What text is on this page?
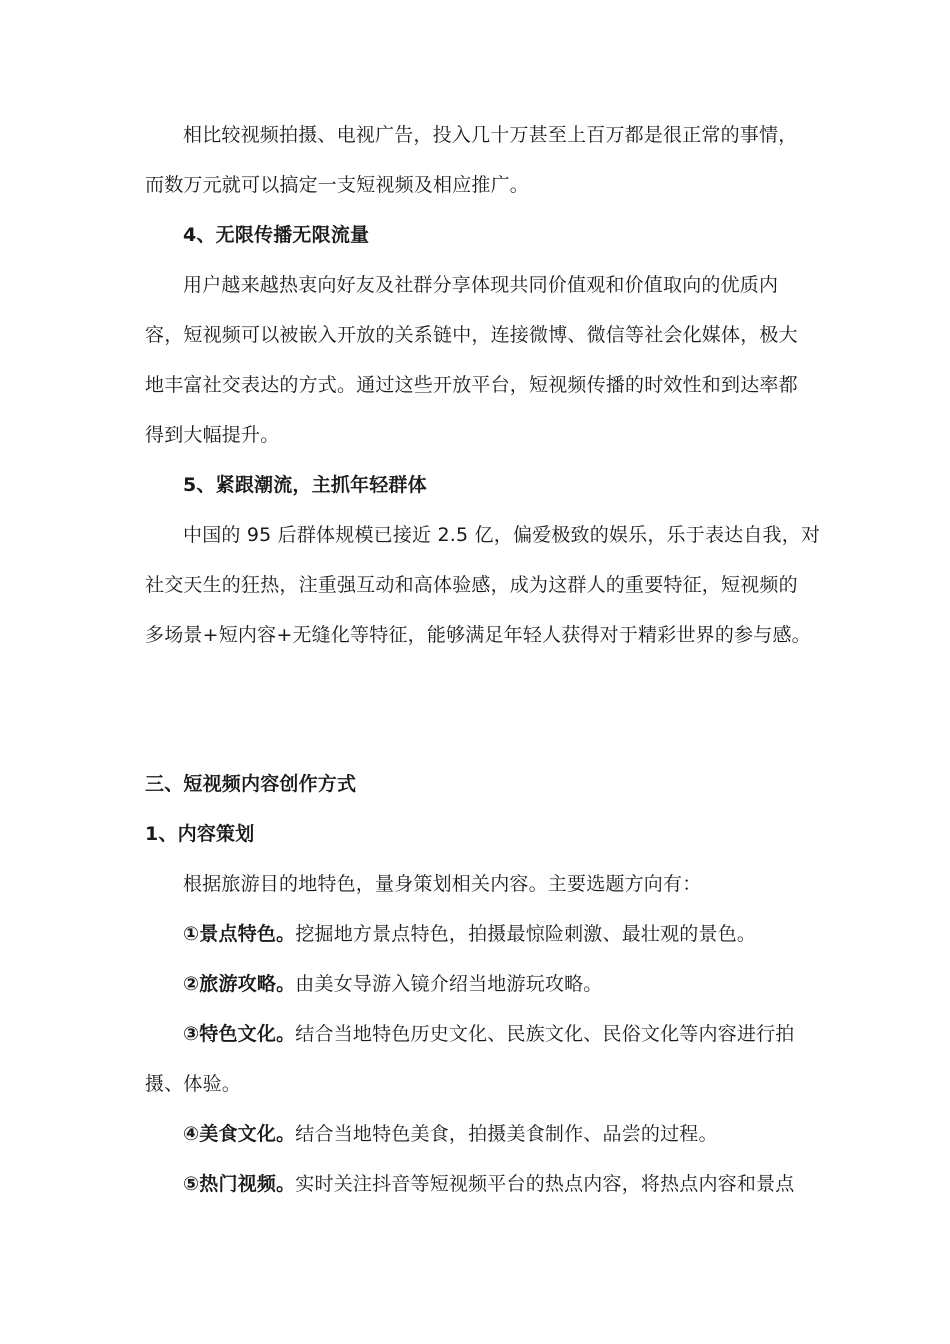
相比较视频拍摄、电视广告，投入几十万甚至上百万都是很正常的事情，
而数万元就可以搞定一支短视频及相应推广。
4、无限传播无限流量
用户越来越热衷向好友及社群分享体现共同价值观和价值取向的优质内
容，短视频可以被嵌入开放的关系链中，连接微博、微信等社会化媒体，极大
地丰富社交表达的方式。通过这些开放平台，短视频传播的时效性和到达率都
得到大幅提升。
5、紧跟潮流，主抓年轻群体
中国的 95 后群体规模已接近 2.5 亿，偏爱极致的娱乐，乐于表达自我，对
社交天生的狂热，注重强互动和高体验感，成为这群人的重要特征，短视频的
多场景+短内容+无缝化等特征，能够满足年轻人获得对于精彩世界的参与感。
三、短视频内容创作方式
1、内容策划
根据旅游目的地特色，量身策划相关内容。主要选题方向有：
①景点特色。挖掘地方景点特色，拍摄最惊险刺激、最壮观的景色。
②旅游攻略。由美女导游入镜介绍当地游玩攻略。
③特色文化。结合当地特色历史文化、民族文化、民俗文化等内容进行拍
摄、体验。
④美食文化。结合当地特色美食，拍摄美食制作、品尝的过程。
⑤热门视频。实时关注抖音等短视频平台的热点内容，将热点内容和景点
